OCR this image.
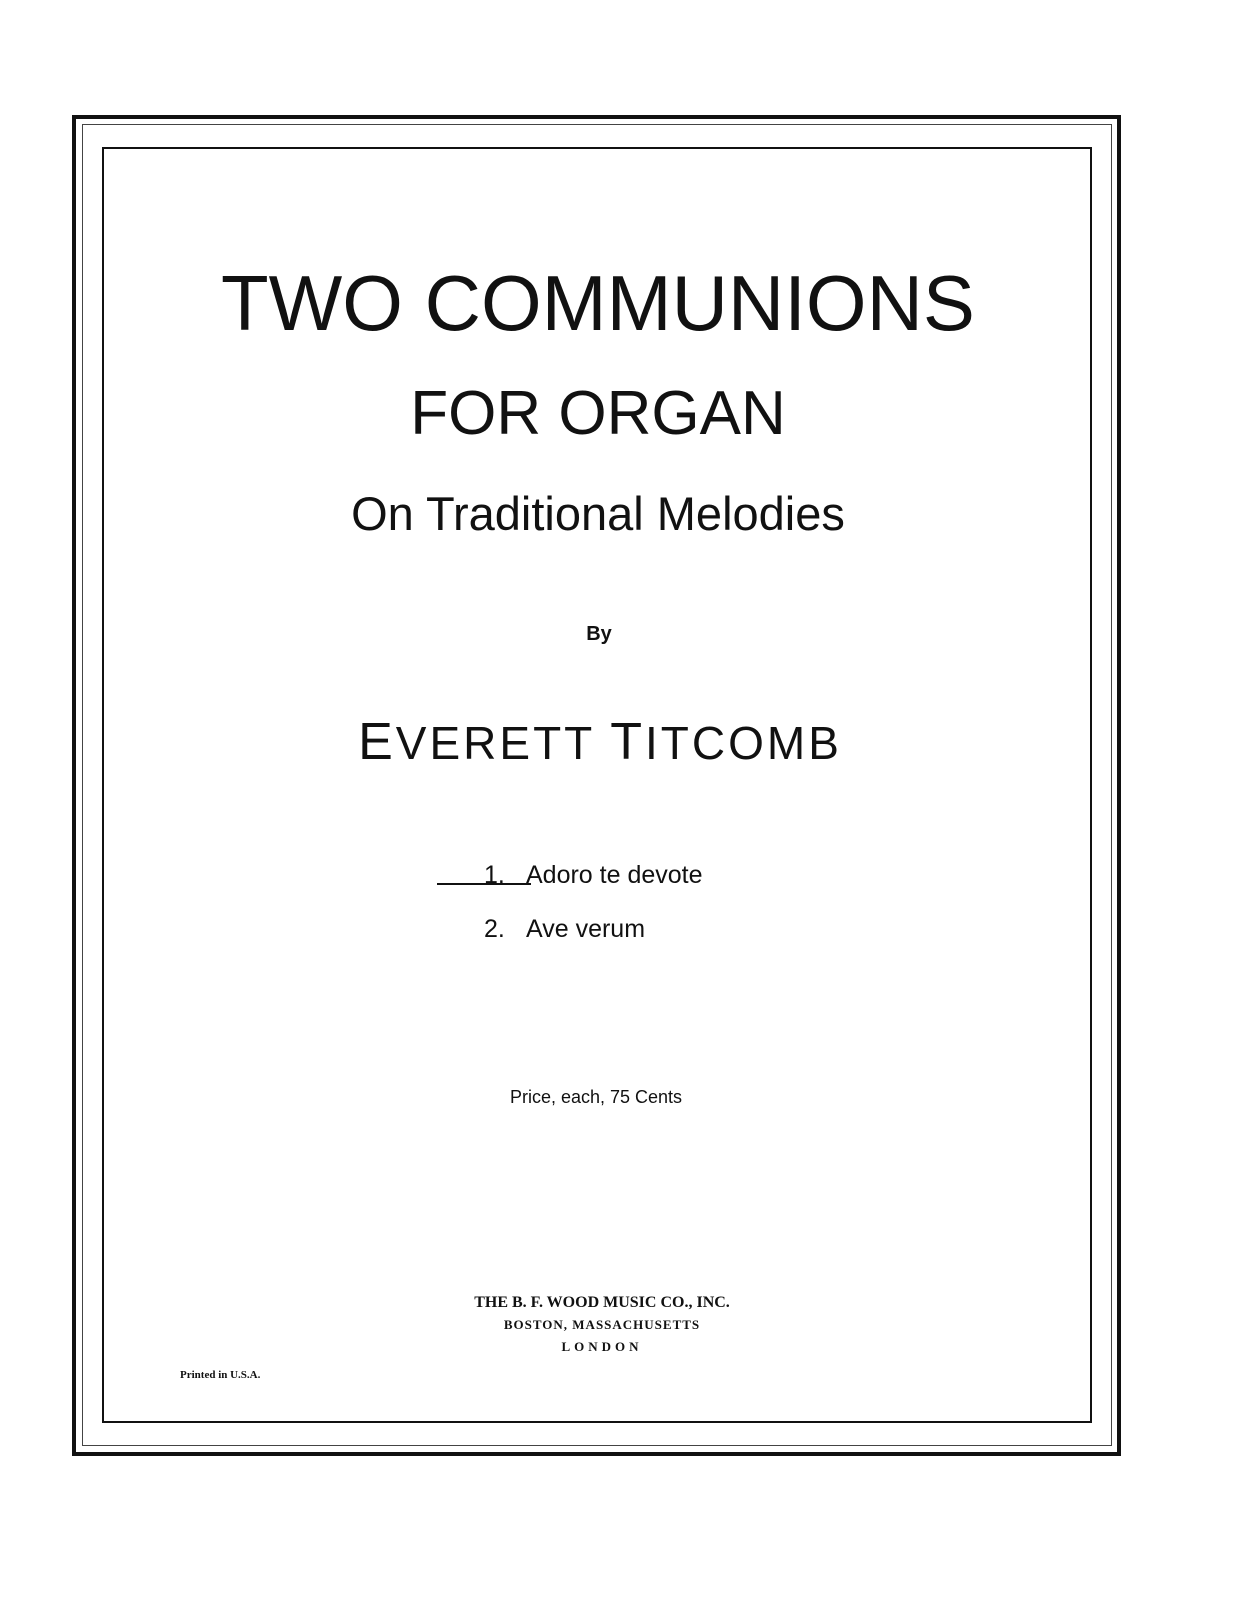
TWO COMMUNIONS
FOR ORGAN
On Traditional Melodies
By
EVERETT TITCOMB
1. Adoro te devote
2. Ave verum
Price, each, 75 Cents
THE B. F. WOOD MUSIC CO., INC.
BOSTON, MASSACHUSETTS
LONDON
Printed in U.S.A.
